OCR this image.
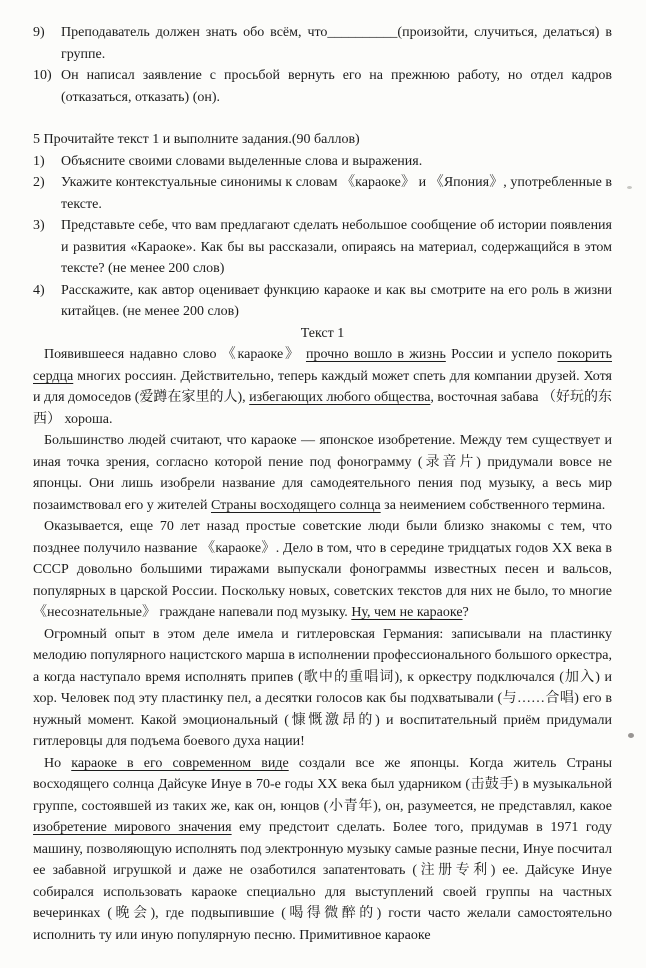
9)	Преподаватель должен знать обо всём, что__________(произойти, случиться, делаться) в группе.
10) Он написал заявление с просьбой вернуть его на прежнюю работу, но отдел кадров (отказаться, отказать) (он).
5 Прочитайте текст 1 и выполните задания.(90 баллов)
1)	Объясните своими словами выделенные слова и выражения.
2)	Укажите контекстуальные синонимы к словам 《караоке》 и 《Япония》, употребленные в тексте.
3)	Представьте себе, что вам предлагают сделать небольшое сообщение об истории появления и развития «Караоке». Как бы вы рассказали, опираясь на материал, содержащийся в этом тексте? (не менее 200 слов)
4)	Расскажите, как автор оценивает функцию караоке и как вы смотрите на его роль в жизни китайцев. (не менее 200 слов)
Текст 1

Появившееся надавно слово 《караоке》 прочно вошло в жизнь России и успело покорить сердца многих россиян. Действительно, теперь каждый может спеть для компании друзей. Хотя и для домоседов (爱蹲在家里的人), избегающих любого общества, восточная забава （好玩的东西） хороша.

Большинство людей считают, что караоке — японское изобретение. Между тем существует и иная точка зрения, согласно которой пение под фонограмму (录音片) придумали вовсе не японцы. Они лишь изобрели название для самодеятельного пения под музыку, а весь мир позаимствовал его у жителей Страны восходящего солнца за неимением собственного термина.

Оказывается, еще 70 лет назад простые советские люди были близко знакомы с тем, что позднее получило название 《караоке》. Дело в том, что в середине тридцатых годов XX века в СССР довольно большими тиражами выпускали фонограммы известных песен и вальсов, популярных в царской России. Поскольку новых, советских текстов для них не было, то многие 《несознательные》 граждане напевали под музыку. Ну, чем не караоке?

Огромный опыт в этом деле имела и гитлеровская Германия: записывали на пластинку мелодию популярного нацистского марша в исполнении профессионального большого оркестра, а когда наступало время исполнять припев (歌中的重唱词), к оркестру подключался (加入) и хор. Человек под эту пластинку пел, а десятки голосов как бы подхватывали (与……合唱) его в нужный момент. Какой эмоциональный (慷慨激昂的) и воспитательный приём придумали гитлеровцы для подъема боевого духа нации!

Но караоке в его современном виде создали все же японцы. Когда житель Страны восходящего солнца Дайсуке Инуе в 70-е годы XX века был ударником (击鼓手) в музыкальной группе, состоявшей из таких же, как он, юнцов (小青年), он, разумеется, не представлял, какое изобретение мирового значения ему предстоит сделать. Более того, придумав в 1971 году машину, позволяющую исполнять под электронную музыку самые разные песни, Инуе посчитал ее забавной игрушкой и даже не озаботился запатентовать (注册专利) ее. Дайсуке Инуе собирался использовать караоке специально для выступлений своей группы на частных вечеринках (晚会), где подвыпившие (喝得微醉的) гости часто желали самостоятельно исполнить ту или иную популярную песню. Примитивное караоке
